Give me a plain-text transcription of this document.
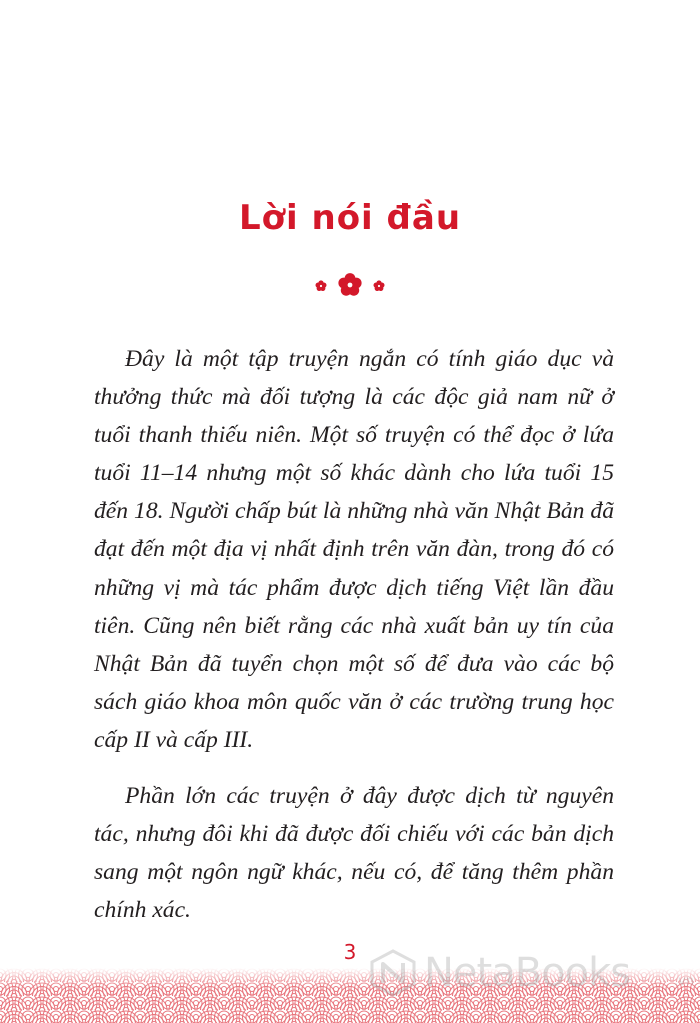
Lời nói đầu

Đây là một tập truyện ngắn có tính giáo dục và thưởng thức mà đối tượng là các độc giả nam nữ ở tuổi thanh thiếu niên. Một số truyện có thể đọc ở lứa tuổi 11–14 nhưng một số khác dành cho lứa tuổi 15 đến 18. Người chấp bút là những nhà văn Nhật Bản đã đạt đến một địa vị nhất định trên văn đàn, trong đó có những vị mà tác phẩm được dịch tiếng Việt lần đầu tiên. Cũng nên biết rằng các nhà xuất bản uy tín của Nhật Bản đã tuyển chọn một số để đưa vào các bộ sách giáo khoa môn quốc văn ở các trường trung học cấp II và cấp III.

Phần lớn các truyện ở đây được dịch từ nguyên tác, nhưng đôi khi đã được đối chiếu với các bản dịch sang một ngôn ngữ khác, nếu có, để tăng thêm phần chính xác.

3	NetaBooks	.vn
